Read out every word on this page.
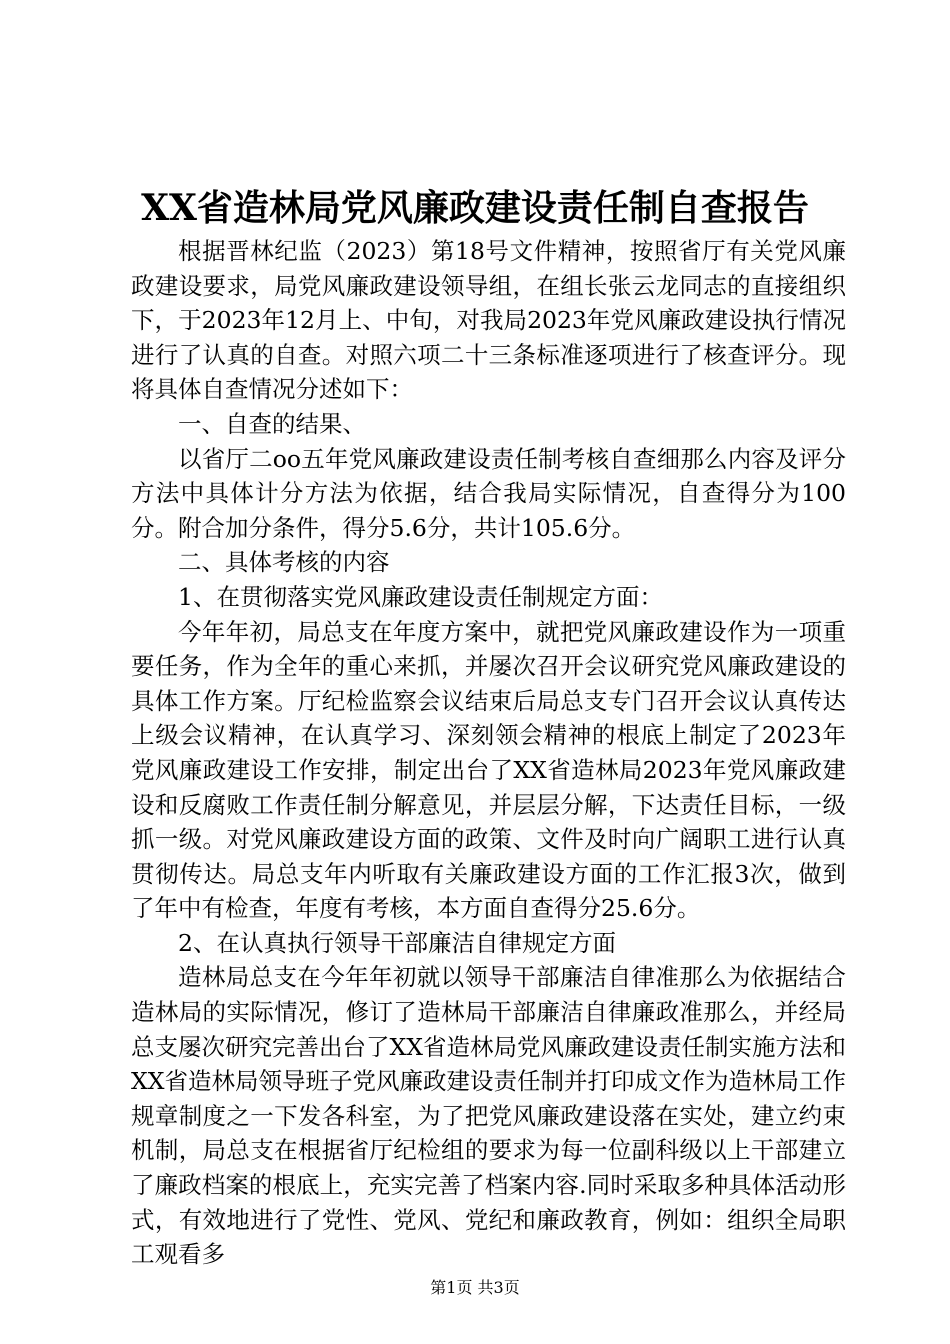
XX省造林局党风廉政建设责任制自查报告

根据晋林纪监（2023）第18号文件精神，按照省厅有关党风廉政建设要求，局党风廉政建设领导组，在组长张云龙同志的直接组织下，于2023年12月上、中旬，对我局2023年党风廉政建设执行情况进行了认真的自查。对照六项二十三条标准逐项进行了核查评分。现将具体自查情况分述如下：

一、自查的结果、

以省厅二oo五年党风廉政建设责任制考核自查细那么内容及评分方法中具体计分方法为依据，结合我局实际情况，自查得分为100分。附合加分条件，得分5.6分，共计105.6分。

二、具体考核的内容

1、在贯彻落实党风廉政建设责任制规定方面：

今年年初，局总支在年度方案中，就把党风廉政建设作为一项重要任务，作为全年的重心来抓，并屡次召开会议研究党风廉政建设的具体工作方案。厅纪检监察会议结束后局总支专门召开会议认真传达上级会议精神，在认真学习、深刻领会精神的根底上制定了2023年党风廉政建设工作安排，制定出台了XX省造林局2023年党风廉政建设和反腐败工作责任制分解意见，并层层分解，下达责任目标，一级抓一级。对党风廉政建设方面的政策、文件及时向广阔职工进行认真贯彻传达。局总支年内听取有关廉政建设方面的工作汇报3次，做到了年中有检查，年度有考核，本方面自查得分25.6分。

2、在认真执行领导干部廉洁自律规定方面

造林局总支在今年年初就以领导干部廉洁自律准那么为依据结合造林局的实际情况，修订了造林局干部廉洁自律廉政准那么，并经局总支屡次研究完善出台了XX省造林局党风廉政建设责任制实施方法和XX省造林局领导班子党风廉政建设责任制并打印成文作为造林局工作规章制度之一下发各科室，为了把党风廉政建设落在实处，建立约束机制，局总支在根据省厅纪检组的要求为每一位副科级以上干部建立了廉政档案的根底上，充实完善了档案内容.同时采取多种具体活动形式，有效地进行了党性、党风、党纪和廉政教育，例如：组织全局职工观看多

第1页 共3页
